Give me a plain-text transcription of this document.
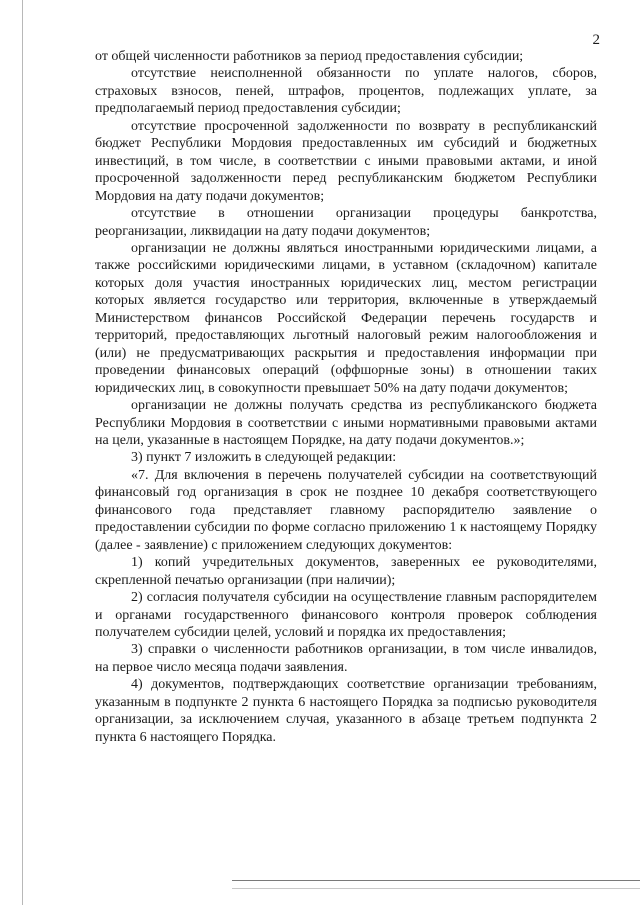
2

от общей численности работников за период предоставления субсидии;

отсутствие неисполненной обязанности по уплате налогов, сборов, страховых взносов, пеней, штрафов, процентов, подлежащих уплате, за предполагаемый период предоставления субсидии;

отсутствие просроченной задолженности по возврату в республиканский бюджет Республики Мордовия предоставленных им субсидий и бюджетных инвестиций, в том числе, в соответствии с иными правовыми актами, и иной просроченной задолженности перед республиканским бюджетом Республики Мордовия на дату подачи документов;

отсутствие в отношении организации процедуры банкротства, реорганизации, ликвидации на дату подачи документов;

организации не должны являться иностранными юридическими лицами, а также российскими юридическими лицами, в уставном (складочном) капитале которых доля участия иностранных юридических лиц, местом регистрации которых является государство или территория, включенные в утверждаемый Министерством финансов Российской Федерации перечень государств и территорий, предоставляющих льготный налоговый режим налогообложения и (или) не предусматривающих раскрытия и предоставления информации при проведении финансовых операций (оффшорные зоны) в отношении таких юридических лиц, в совокупности превышает 50% на дату подачи документов;

организации не должны получать средства из республиканского бюджета Республики Мордовия в соответствии с иными нормативными правовыми актами на цели, указанные в настоящем Порядке, на дату подачи документов.»;

3) пункт 7 изложить в следующей редакции:

«7. Для включения в перечень получателей субсидии на соответствующий финансовый год организация в срок не позднее 10 декабря соответствующего финансового года представляет главному распорядителю заявление о предоставлении субсидии по форме согласно приложению 1 к настоящему Порядку (далее - заявление) с приложением следующих документов:

1) копий учредительных документов, заверенных ее руководителями, скрепленной печатью организации (при наличии);

2) согласия получателя субсидии на осуществление главным распорядителем и органами государственного финансового контроля проверок соблюдения получателем субсидии целей, условий и порядка их предоставления;

3) справки о численности работников организации, в том числе инвалидов, на первое число месяца подачи заявления.

4) документов, подтверждающих соответствие организации требованиям, указанным в подпункте 2 пункта 6 настоящего Порядка за подписью руководителя организации, за исключением случая, указанного в абзаце третьем подпункта 2 пункта 6 настоящего Порядка.
